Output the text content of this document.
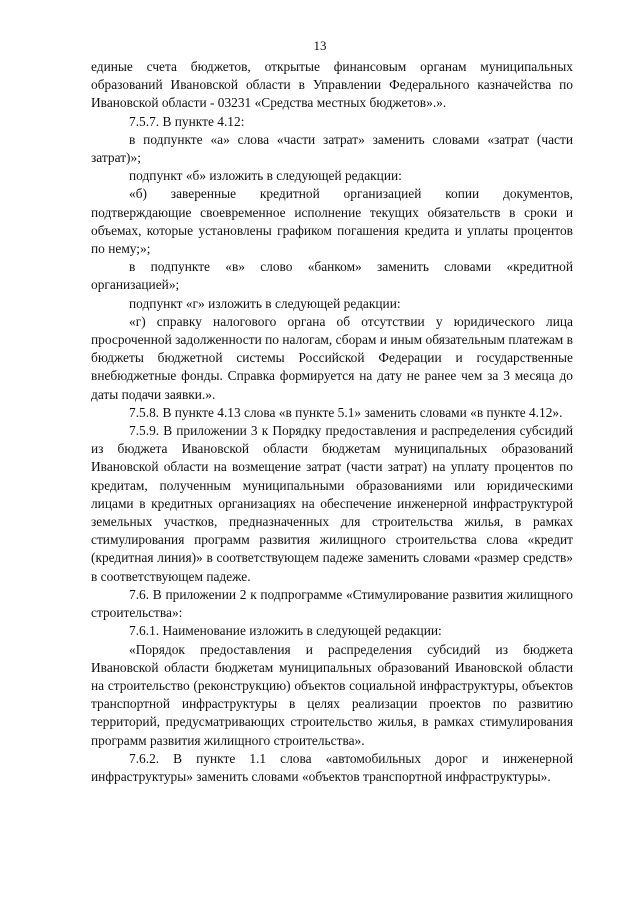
13

единые счета бюджетов, открытые финансовым органам муниципальных образований Ивановской области в Управлении Федерального казначейства по Ивановской области - 03231 «Средства местных бюджетов».».

7.5.7. В пункте 4.12:

в подпункте «а» слова «части затрат» заменить словами «затрат (части затрат)»;

подпункт «б» изложить в следующей редакции:

«б) заверенные кредитной организацией копии документов, подтверждающие своевременное исполнение текущих обязательств в сроки и объемах, которые установлены графиком погашения кредита и уплаты процентов по нему;»;

в подпункте «в» слово «банком» заменить словами «кредитной организацией»;

подпункт «г» изложить в следующей редакции:

«г) справку налогового органа об отсутствии у юридического лица просроченной задолженности по налогам, сборам и иным обязательным платежам в бюджеты бюджетной системы Российской Федерации и государственные внебюджетные фонды. Справка формируется на дату не ранее чем за 3 месяца до даты подачи заявки.».

7.5.8. В пункте 4.13 слова «в пункте 5.1» заменить словами «в пункте 4.12».

7.5.9. В приложении 3 к Порядку предоставления и распределения субсидий из бюджета Ивановской области бюджетам муниципальных образований Ивановской области на возмещение затрат (части затрат) на уплату процентов по кредитам, полученным муниципальными образованиями или юридическими лицами в кредитных организациях на обеспечение инженерной инфраструктурой земельных участков, предназначенных для строительства жилья, в рамках стимулирования программ развития жилищного строительства слова «кредит (кредитная линия)» в соответствующем падеже заменить словами «размер средств» в соответствующем падеже.

7.6. В приложении 2 к подпрограмме «Стимулирование развития жилищного строительства»:

7.6.1. Наименование изложить в следующей редакции:

«Порядок предоставления и распределения субсидий из бюджета Ивановской области бюджетам муниципальных образований Ивановской области на строительство (реконструкцию) объектов социальной инфраструктуры, объектов транспортной инфраструктуры в целях реализации проектов по развитию территорий, предусматривающих строительство жилья, в рамках стимулирования программ развития жилищного строительства».

7.6.2. В пункте 1.1 слова «автомобильных дорог и инженерной инфраструктуры» заменить словами «объектов транспортной инфраструктуры».
